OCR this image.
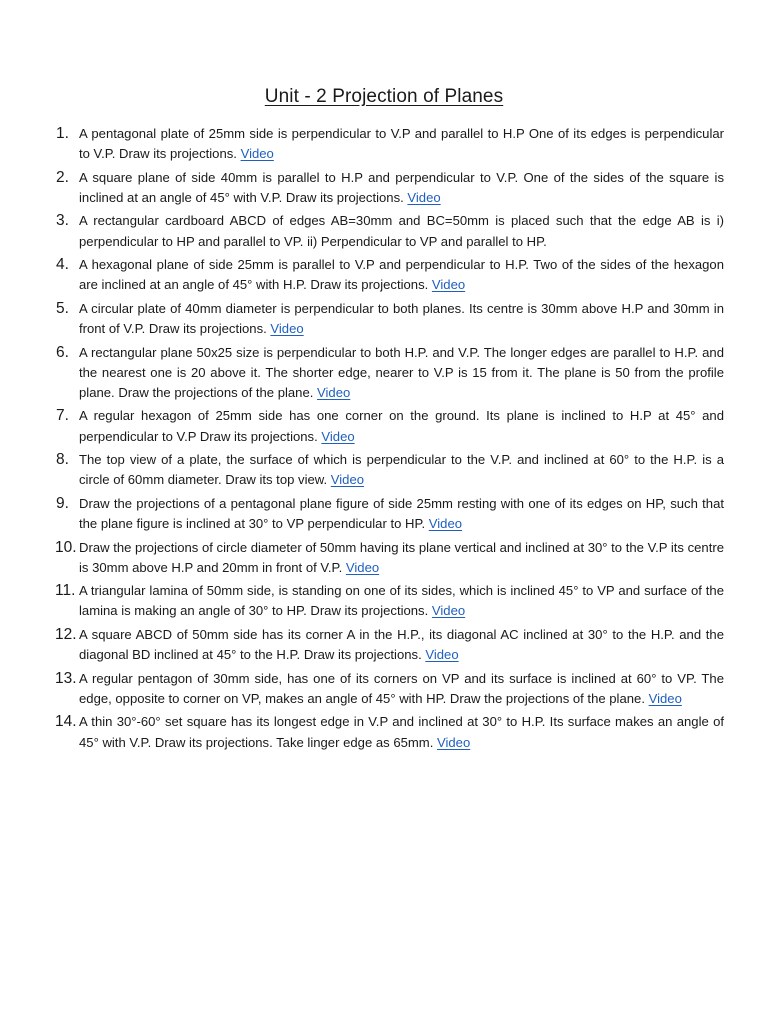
Unit - 2 Projection of Planes
1. A pentagonal plate of 25mm side is perpendicular to V.P and parallel to H.P One of its edges is perpendicular to V.P. Draw its projections. Video
2. A square plane of side 40mm is parallel to H.P and perpendicular to V.P. One of the sides of the square is inclined at an angle of 45° with V.P. Draw its projections. Video
3. A rectangular cardboard ABCD of edges AB=30mm and BC=50mm is placed such that the edge AB is i) perpendicular to HP and parallel to VP. ii) Perpendicular to VP and parallel to HP.
4. A hexagonal plane of side 25mm is parallel to V.P and perpendicular to H.P. Two of the sides of the hexagon are inclined at an angle of 45° with H.P. Draw its projections. Video
5. A circular plate of 40mm diameter is perpendicular to both planes. Its centre is 30mm above H.P and 30mm in front of V.P. Draw its projections. Video
6. A rectangular plane 50x25 size is perpendicular to both H.P. and V.P. The longer edges are parallel to H.P. and the nearest one is 20 above it. The shorter edge, nearer to V.P is 15 from it. The plane is 50 from the profile plane. Draw the projections of the plane. Video
7. A regular hexagon of 25mm side has one corner on the ground. Its plane is inclined to H.P at 45° and perpendicular to V.P Draw its projections. Video
8. The top view of a plate, the surface of which is perpendicular to the V.P. and inclined at 60° to the H.P. is a circle of 60mm diameter. Draw its top view. Video
9. Draw the projections of a pentagonal plane figure of side 25mm resting with one of its edges on HP, such that the plane figure is inclined at 30° to VP perpendicular to HP. Video
10. Draw the projections of circle diameter of 50mm having its plane vertical and inclined at 30° to the V.P its centre is 30mm above H.P and 20mm in front of V.P. Video
11. A triangular lamina of 50mm side, is standing on one of its sides, which is inclined 45° to VP and surface of the lamina is making an angle of 30° to HP. Draw its projections. Video
12. A square ABCD of 50mm side has its corner A in the H.P., its diagonal AC inclined at 30° to the H.P. and the diagonal BD inclined at 45° to the H.P. Draw its projections. Video
13. A regular pentagon of 30mm side, has one of its corners on VP and its surface is inclined at 60° to VP. The edge, opposite to corner on VP, makes an angle of 45° with HP. Draw the projections of the plane. Video
14. A thin 30°-60° set square has its longest edge in V.P and inclined at 30° to H.P. Its surface makes an angle of 45° with V.P. Draw its projections. Take linger edge as 65mm. Video
